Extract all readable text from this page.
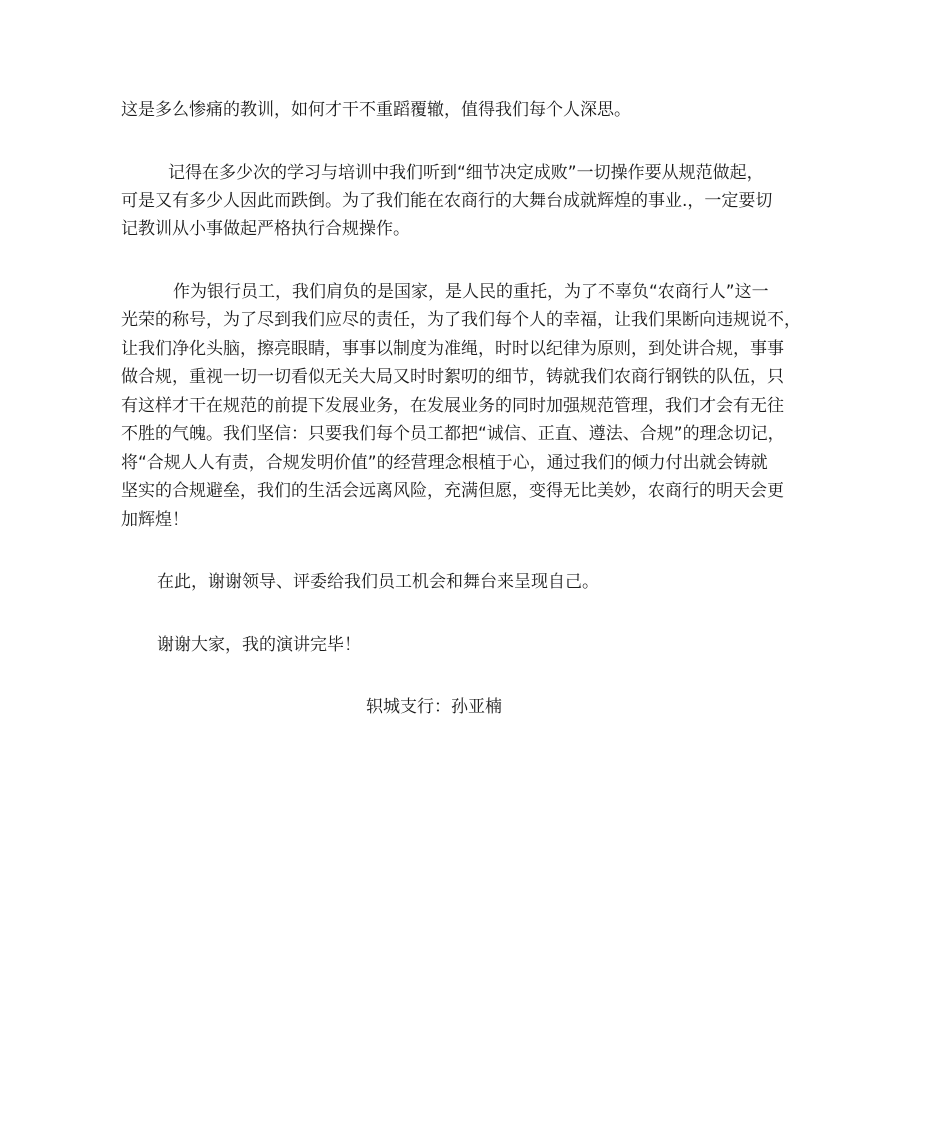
这是多么惨痛的教训，如何才干不重蹈覆辙，值得我们每个人深思。
记得在多少次的学习与培训中我们听到“细节决定成败”一切操作要从规范做起，
可是又有多少人因此而跌倒。为了我们能在农商行的大舞台成就辉煌的事业.，一定要切
记教训从小事做起严格执行合规操作。
作为银行员工，我们肩负的是国家，是人民的重托，为了不辜负“农商行人”这一
光荣的称号，为了尽到我们应尽的责任，为了我们每个人的幸福，让我们果断向违规说不，
让我们净化头脑，擦亮眼睛，事事以制度为准绳，时时以纪律为原则，到处讲合规，事事
做合规，重视一切一切看似无关大局又时时絮叨的细节，铸就我们农商行钢铁的队伍，只
有这样才干在规范的前提下发展业务，在发展业务的同时加强规范管理，我们才会有无往
不胜的气魄。我们坚信：只要我们每个员工都把“诚信、正直、遵法、合规”的理念切记，
将“合规人人有责，合规发明价值”的经营理念根植于心，通过我们的倾力付出就会铸就
坚实的合规避垒，我们的生活会远离风险，充满但愿，变得无比美妙，农商行的明天会更
加辉煌！
在此，谢谢领导、评委给我们员工机会和舞台来呈现自己。
谢谢大家，我的演讲完毕！
轵城支行：孙亚楠
